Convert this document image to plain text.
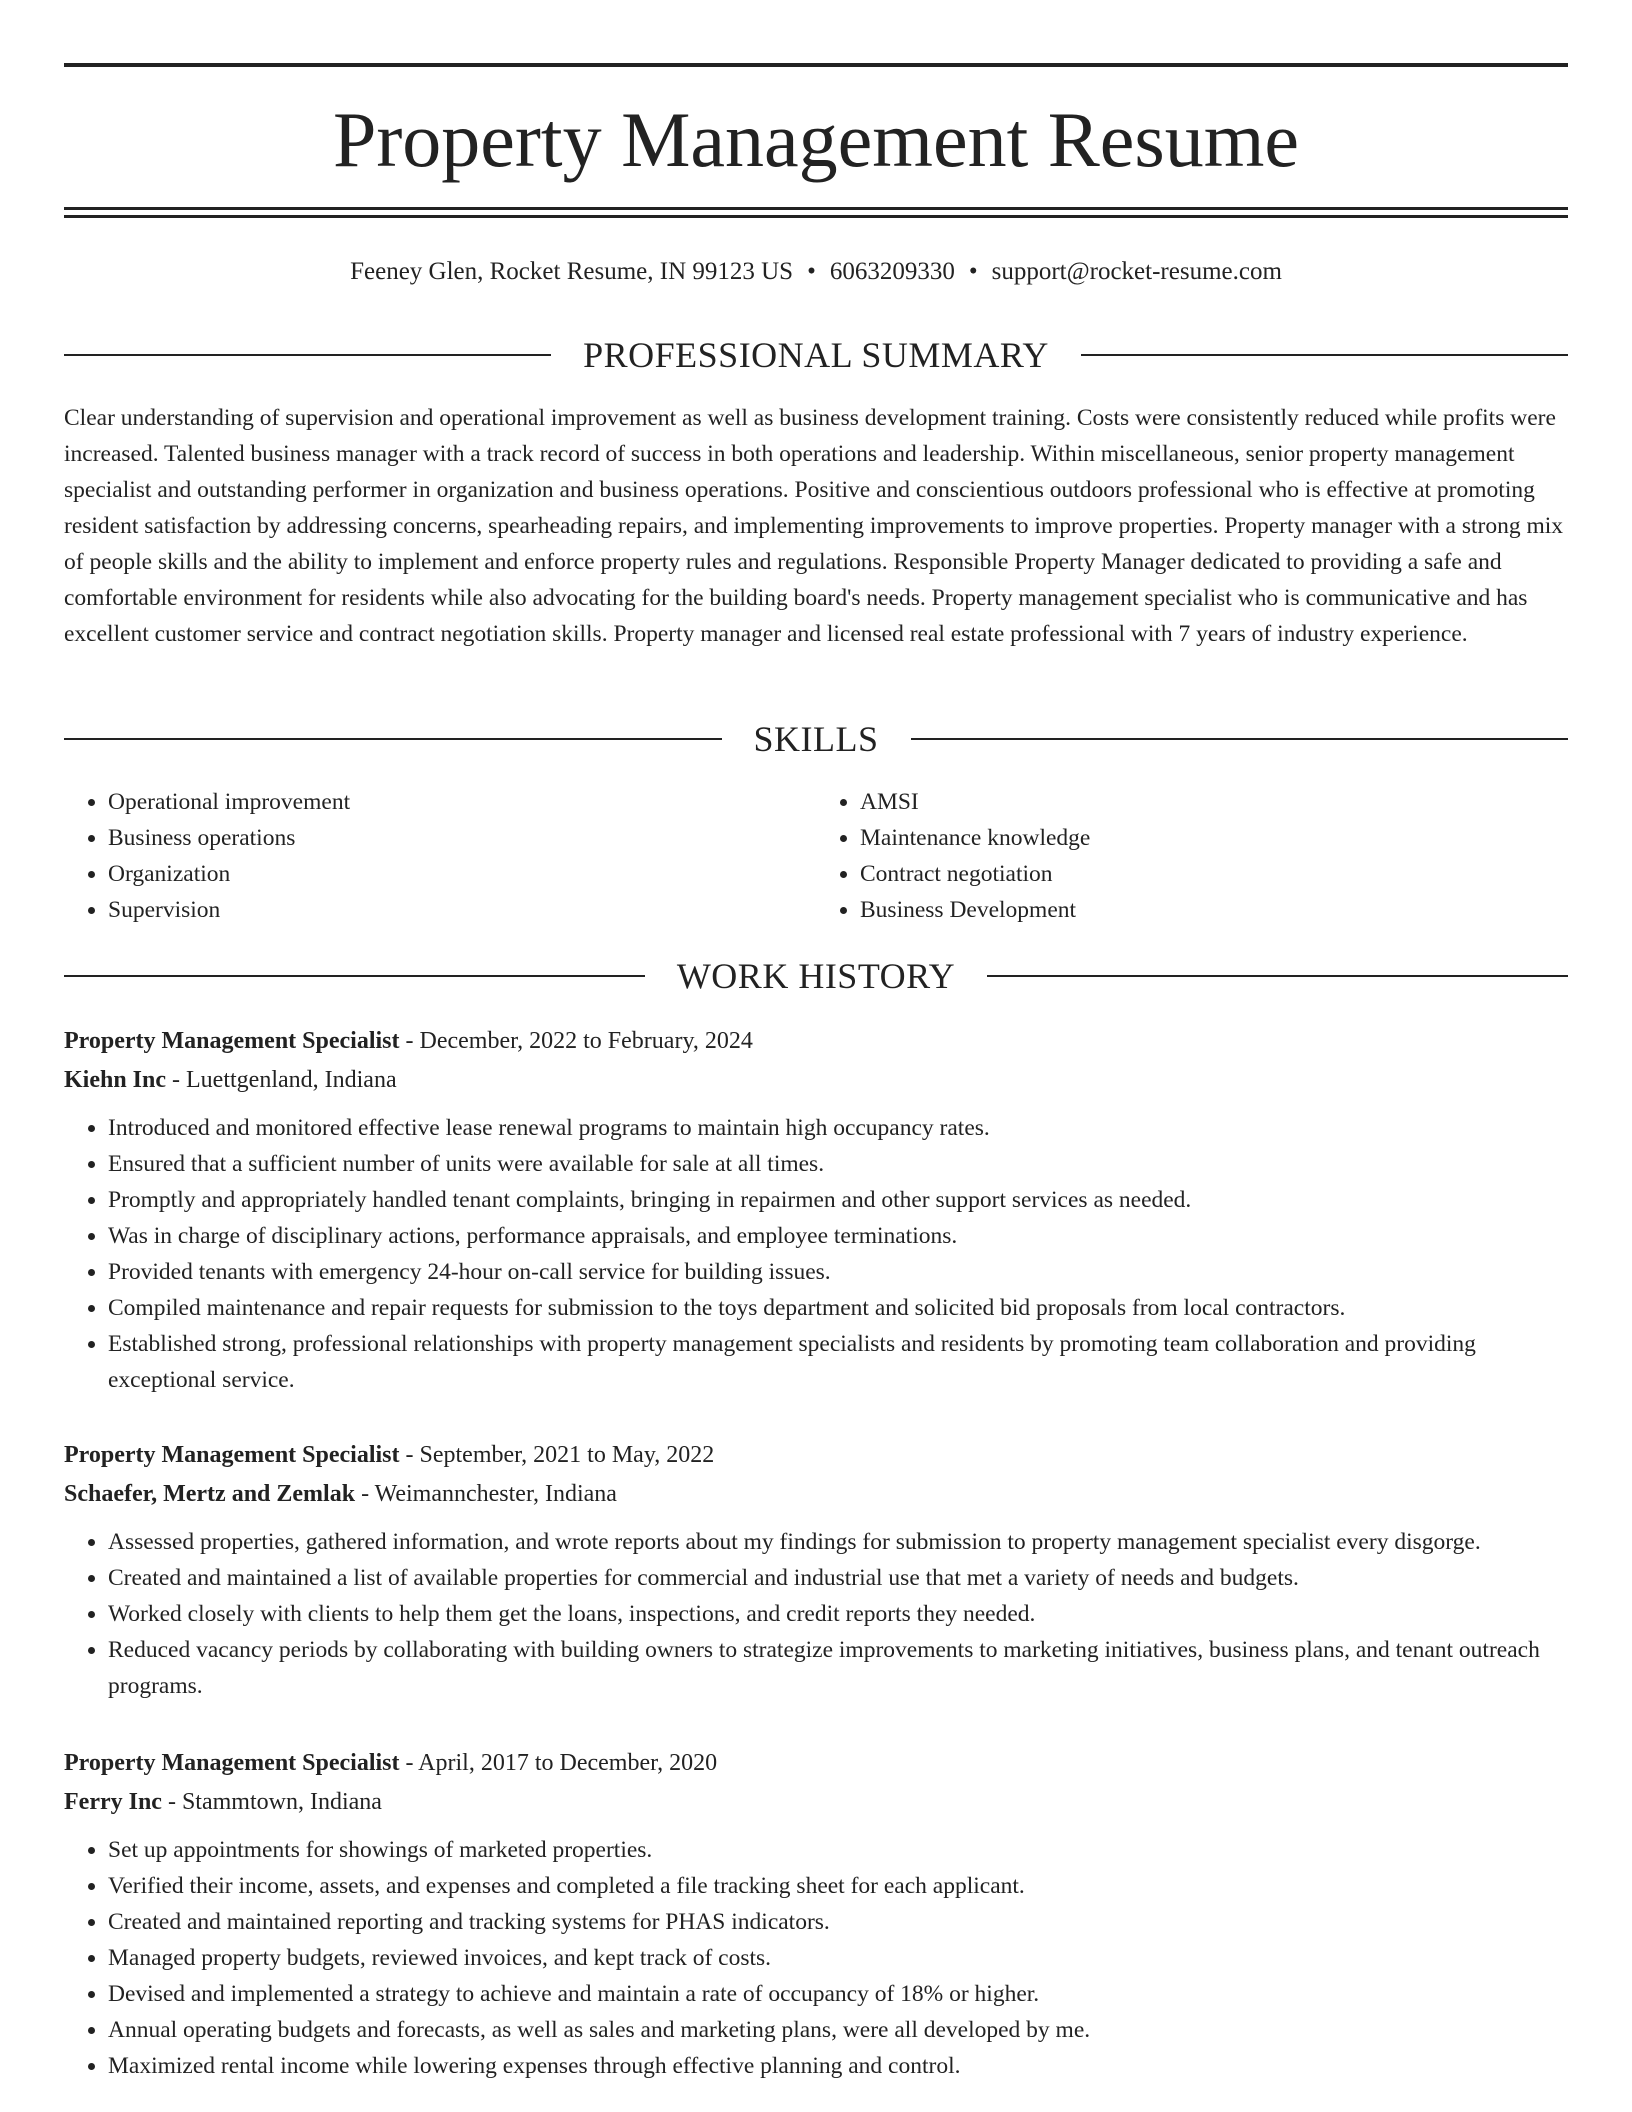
Property Management Resume
Feeney Glen, Rocket Resume, IN 99123 US • 6063209330 • support@rocket-resume.com
PROFESSIONAL SUMMARY

Clear understanding of supervision and operational improvement as well as business development training. Costs were consistently reduced while profits were increased. Talented business manager with a track record of success in both operations and leadership. Within miscellaneous, senior property management specialist and outstanding performer in organization and business operations. Positive and conscientious outdoors professional who is effective at promoting resident satisfaction by addressing concerns, spearheading repairs, and implementing improvements to improve properties. Property manager with a strong mix of people skills and the ability to implement and enforce property rules and regulations. Responsible Property Manager dedicated to providing a safe and comfortable environment for residents while also advocating for the building board's needs. Property management specialist who is communicative and has excellent customer service and contract negotiation skills. Property manager and licensed real estate professional with 7 years of industry experience.

SKILLS
• Operational improvement
• Business operations
• Organization
• Supervision
• AMSI
• Maintenance knowledge
• Contract negotiation
• Business Development
WORK HISTORY
Property Management Specialist - December, 2022 to February, 2024
Kiehn Inc - Luettgenland, Indiana
• Introduced and monitored effective lease renewal programs to maintain high occupancy rates.
• Ensured that a sufficient number of units were available for sale at all times.
• Promptly and appropriately handled tenant complaints, bringing in repairmen and other support services as needed.
• Was in charge of disciplinary actions, performance appraisals, and employee terminations.
• Provided tenants with emergency 24-hour on-call service for building issues.
• Compiled maintenance and repair requests for submission to the toys department and solicited bid proposals from local contractors.
• Established strong, professional relationships with property management specialists and residents by promoting team collaboration and providing exceptional service.
Property Management Specialist - September, 2021 to May, 2022
Schaefer, Mertz and Zemlak - Weimannchester, Indiana
• Assessed properties, gathered information, and wrote reports about my findings for submission to property management specialist every disgorge.
• Created and maintained a list of available properties for commercial and industrial use that met a variety of needs and budgets.
• Worked closely with clients to help them get the loans, inspections, and credit reports they needed.
• Reduced vacancy periods by collaborating with building owners to strategize improvements to marketing initiatives, business plans, and tenant outreach programs.
Property Management Specialist - April, 2017 to December, 2020
Ferry Inc - Stammtown, Indiana
• Set up appointments for showings of marketed properties.
• Verified their income, assets, and expenses and completed a file tracking sheet for each applicant.
• Created and maintained reporting and tracking systems for PHAS indicators.
• Managed property budgets, reviewed invoices, and kept track of costs.
• Devised and implemented a strategy to achieve and maintain a rate of occupancy of 18% or higher.
• Annual operating budgets and forecasts, as well as sales and marketing plans, were all developed by me.
• Maximized rental income while lowering expenses through effective planning and control.
